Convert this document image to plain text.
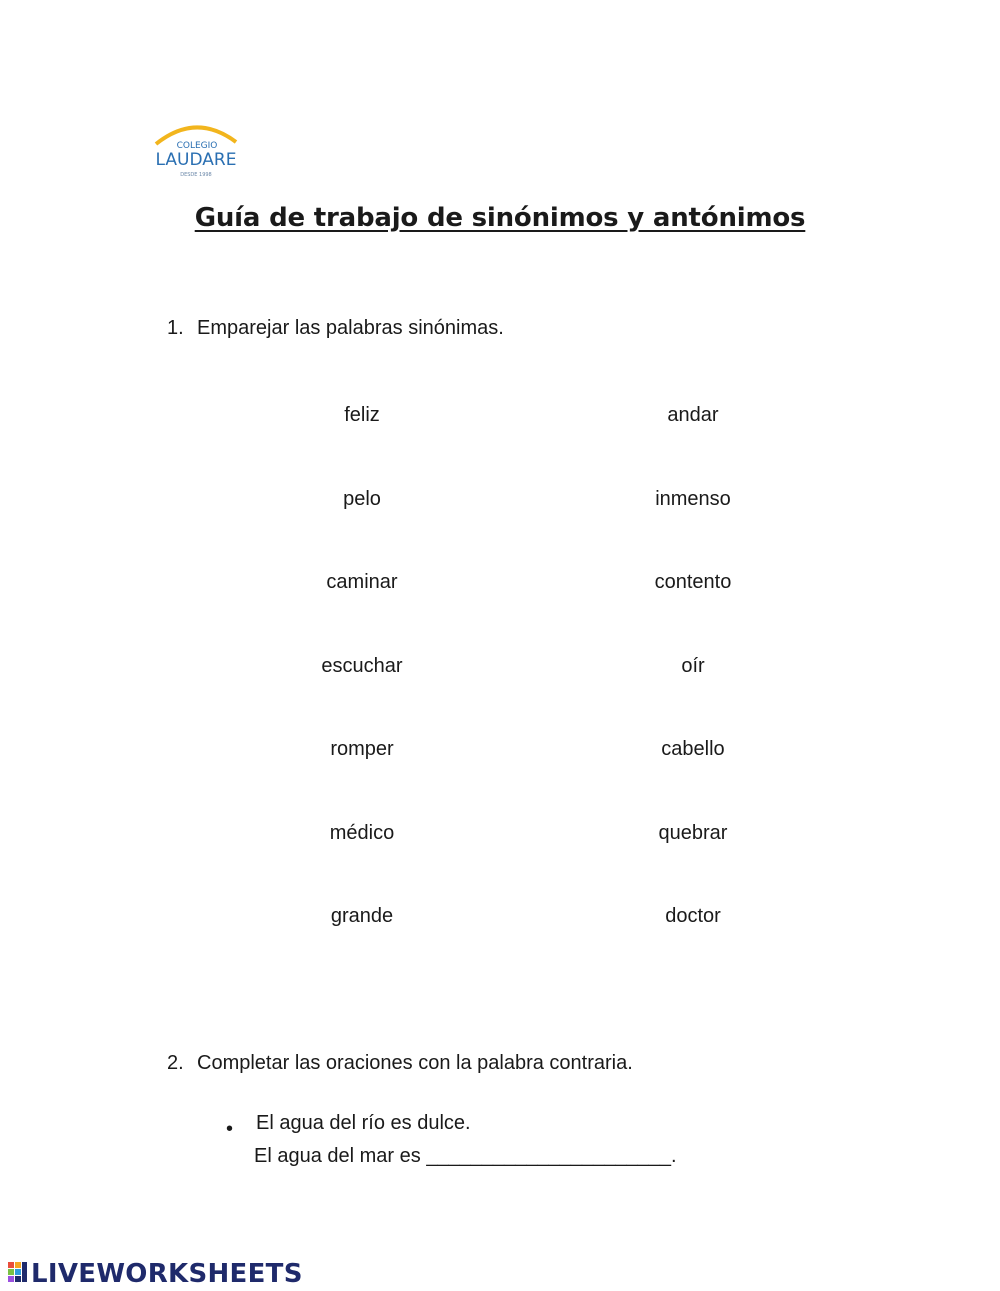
COLEGIO
LAUDARE
DESDE 1998
Guía de trabajo de sinónimos y antónimos
1. Emparejar las palabras sinónimas.
feliz
pelo
caminar
escuchar
romper
médico
grande
andar
inmenso
contento
oír
cabello
quebrar
doctor
2. Completar las oraciones con la palabra contraria.
• El agua del río es dulce.
El agua del mar es ______________________.
LIVEWORKSHEETS
